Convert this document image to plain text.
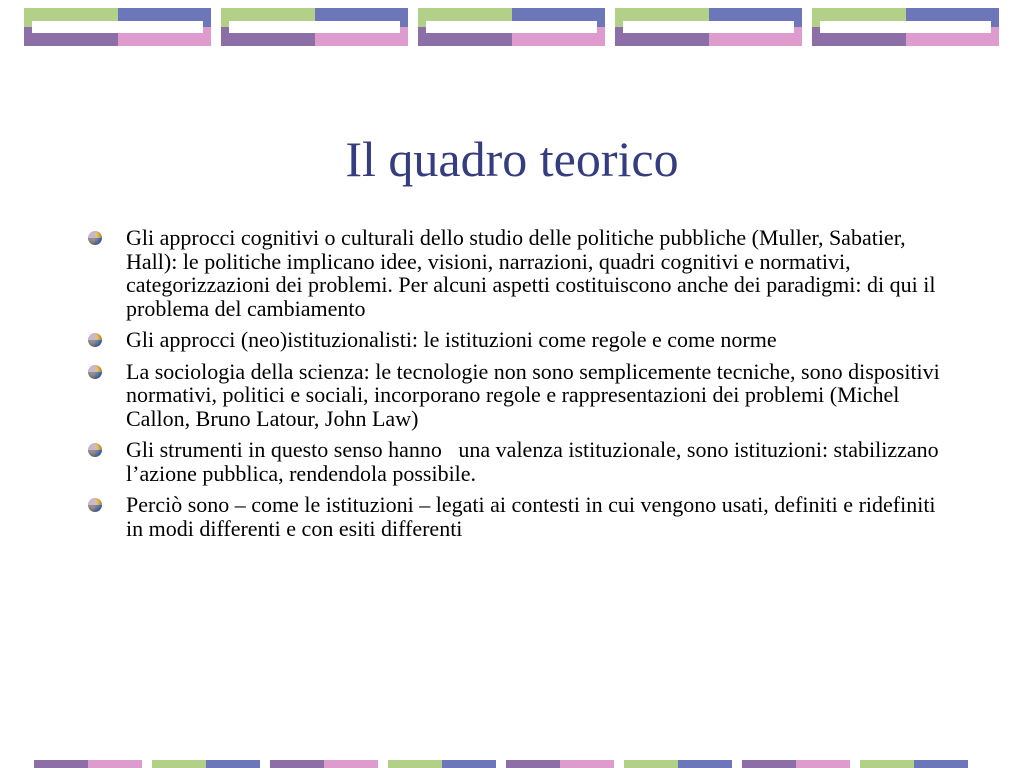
Il quadro teorico
Gli approcci cognitivi o culturali dello studio delle politiche pubbliche (Muller, Sabatier, Hall): le politiche implicano idee, visioni, narrazioni, quadri cognitivi e normativi, categorizzazioni dei problemi. Per alcuni aspetti costituiscono anche dei paradigmi: di qui il problema del cambiamento
Gli approcci (neo)istituzionalisti: le istituzioni come regole e come norme
La sociologia della scienza: le tecnologie non sono semplicemente tecniche, sono dispositivi normativi, politici e sociali, incorporano regole e rappresentazioni dei problemi (Michel Callon, Bruno Latour, John Law)
Gli strumenti in questo senso hanno   una valenza istituzionale, sono istituzioni: stabilizzano l’azione pubblica, rendendola possibile.
Perciò sono – come le istituzioni – legati ai contesti in cui vengono usati, definiti e ridefiniti in modi differenti e con esiti differenti
